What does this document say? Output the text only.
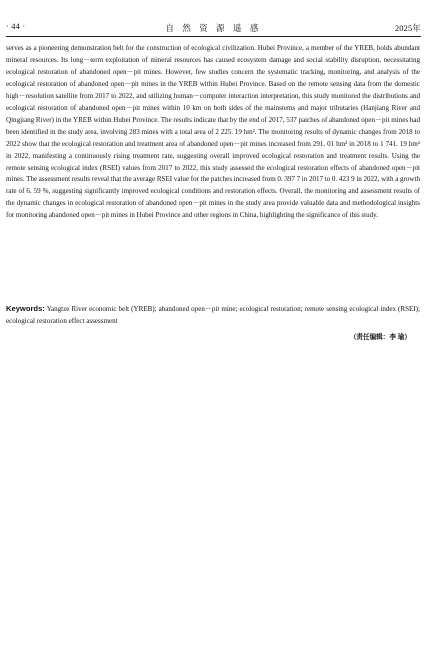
· 44 ·	自 然 资 源 遥 感	2025年

serves as a pioneering demonstration belt for the construction of ecological civilization. Hubei Province, a member of the YREB, holds abundant mineral resources. Its long－term exploitation of mineral resources has caused ecosystem damage and social stability disruption, necessitating ecological restoration of abandoned open－pit mines. However, few studies concern the systematic tracking, monitoring, and analysis of the ecological restoration of abandoned open－pit mines in the YREB within Hubei Province. Based on the remote sensing data from the domestic high－resolution satellite from 2017 to 2022, and utilizing human－computer interaction interpretation, this study monitored the distributions and ecological restoration of abandoned open－pit mines within 10 km on both sides of the mainstems and major tributaries (Hanjiang River and Qingjiang River) in the YREB within Hubei Province. The results indicate that by the end of 2017, 537 patches of abandoned open－pit mines had been identified in the study area, involving 283 mines with a total area of 2 225. 19 hm². The monitoring results of dynamic changes from 2018 to 2022 show that the ecological restoration and treatment area of abandoned open－pit mines increased from 291. 01 hm² in 2018 to 1 741. 19 hm² in 2022, manifesting a continuously rising treatment rate, suggesting overall improved ecological restoration and treatment results. Using the remote sensing ecological index (RSEI) values from 2017 to 2022, this study assessed the ecological restoration effects of abandoned open－pit mines. The assessment results reveal that the average RSEI value for the patches increased from 0. 397 7 in 2017 to 0. 423 9 in 2022, with a growth rate of 6. 59 %, suggesting significantly improved ecological conditions and restoration effects. Overall, the monitoring and assessment results of the dynamic changes in ecological restoration of abandoned open－pit mines in the study area provide valuable data and methodological insights for monitoring abandoned open－pit mines in Hubei Province and other regions in China, highlighting the significance of this study.

Keywords: Yangtze River economic belt (YREB); abandoned open－pit mine; ecological restoration; remote sensing ecological index (RSEI); ecological restoration effect assessment

（责任编辑：李 瑜）
